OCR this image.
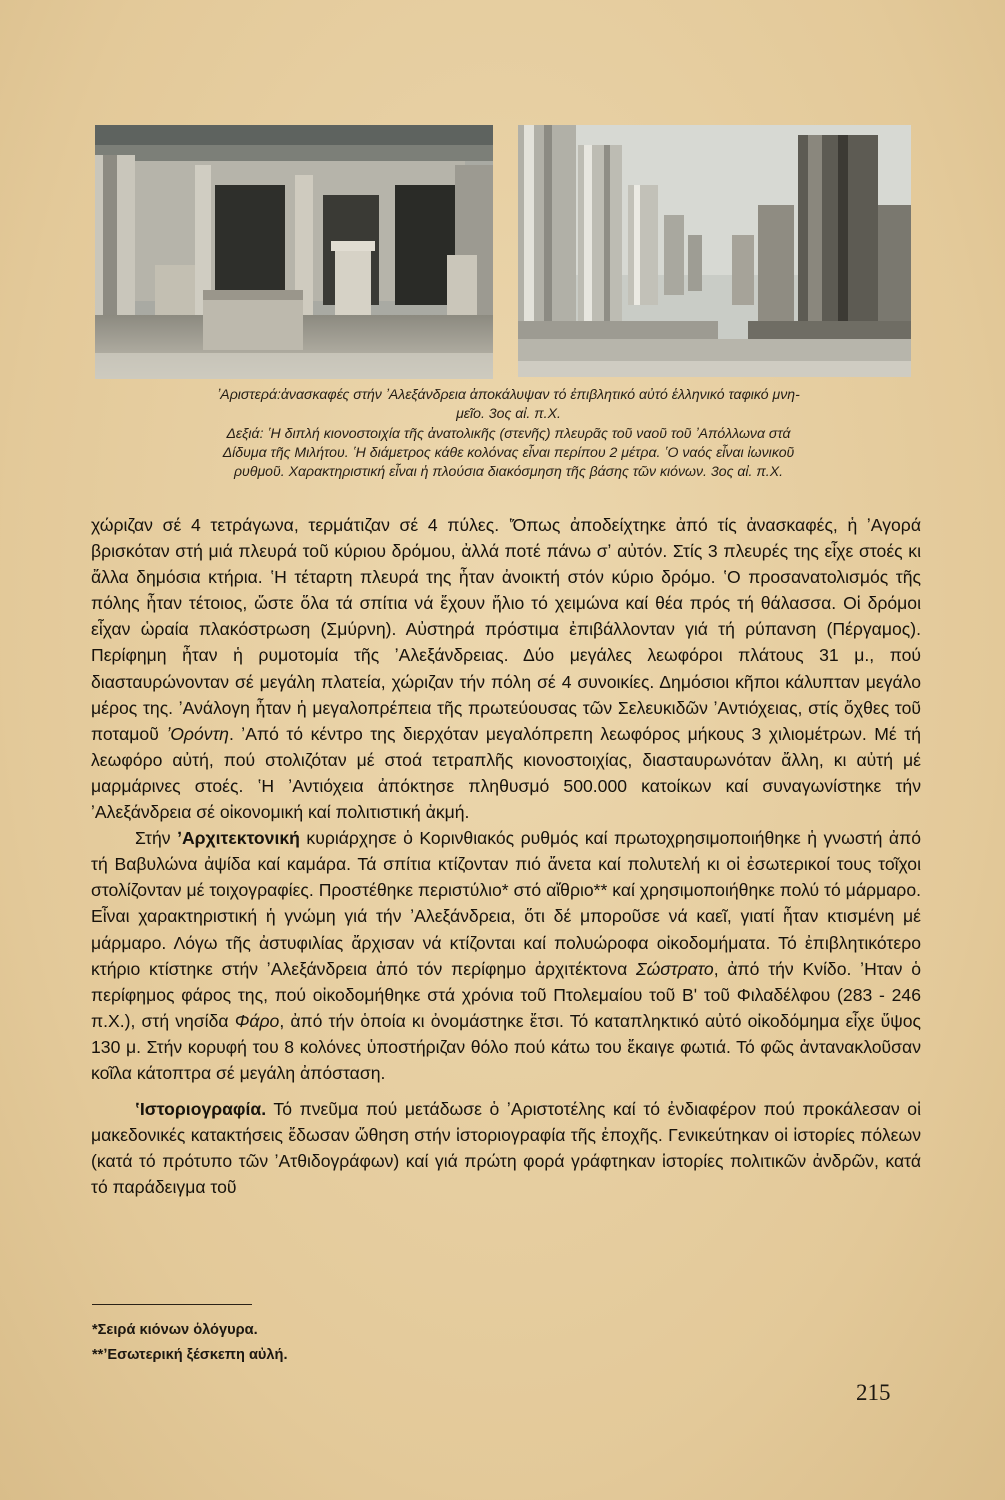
ʼΑριστερά:ἀνασκαφές στήν ʼΑλεξάνδρεια ἀποκάλυψαν τό ἐπιβλητικό αὐτό ἑλληνικό ταφικό μνη-

μεῖο. 3ος αἰ. π.Χ.

Δεξιά: ʽΗ διπλή κιονοστοιχία τῆς ἀνατολικῆς (στενῆς) πλευρᾶς τοῦ ναοῦ τοῦ ʼΑπόλλωνα στά

Δίδυμα τῆς Μιλήτου. ʽΗ διάμετρος κάθε κολόνας εἶναι περίπου 2 μέτρα. ʽΟ ναός εἶναι ἰωνικοῦ

ρυθμοῦ. Χαρακτηριστική εἶναι ἡ πλούσια διακόσμηση τῆς βάσης τῶν κιόνων. 3ος αἰ. π.Χ.

χώριζαν σέ 4 τετράγωνα, τερμάτιζαν σέ 4 πύλες. ʽΌπως ἀποδείχτηκε ἀπό τίς ἀνασκαφές, ἡ ʼΑγορά βρισκόταν στή μιά πλευρά τοῦ κύριου δρόμου, ἀλλά ποτέ πάνω σʼ αὐτόν. Στίς 3 πλευρές της εἶχε στοές κι ἄλλα δημόσια κτήρια. ʽΗ τέταρτη πλευρά της ἦταν ἀνοικτή στόν κύριο δρόμο. ʽΟ προσανατολισμός τῆς πόλης ἦταν τέτοιος, ὥστε ὅλα τά σπίτια νά ἔχουν ἥλιο τό χειμώνα καί θέα πρός τή θάλασσα. Οἱ δρόμοι εἶχαν ὡραία πλακόστρωση (Σμύρνη). Αὐστηρά πρόστιμα ἐπιβάλλονταν γιά τή ρύπανση (Πέργαμος). Περίφημη ἦταν ἡ ρυμοτομία τῆς ʼΑλεξάνδρειας. Δύο μεγάλες λεωφόροι πλάτους 31 μ., πού διασταυρώνονταν σέ μεγάλη πλατεία, χώριζαν τήν πόλη σέ 4 συνοικίες. Δημόσιοι κῆποι κάλυπταν μεγάλο μέρος της. ʼΑνάλογη ἦταν ἡ μεγαλοπρέπεια τῆς πρωτεύουσας τῶν Σελευκιδῶν ʼΑντιόχειας, στίς ὄχθες τοῦ ποταμοῦ ʼΟρόντη. ʼΑπό τό κέντρο της διερχόταν μεγαλόπρεπη λεωφόρος μήκους 3 χιλιομέτρων. Μέ τή λεωφόρο αὐτή, πού στολιζόταν μέ στοά τετραπλῆς κιονοστοιχίας, διασταυρωνόταν ἄλλη, κι αὐτή μέ μαρμάρινες στοές. ʽΗ ʼΑντιόχεια ἀπόκτησε πληθυσμό 500.000 κατοίκων καί συναγωνίστηκε τήν ʼΑλεξάνδρεια σέ οἰκονομική καί πολιτιστική ἀκμή.

Στήν ʼΑρχιτεκτονική κυριάρχησε ὁ Κορινθιακός ρυθμός καί πρωτοχρησιμοποιήθηκε ἡ γνωστή ἀπό τή Βαβυλώνα ἀψίδα καί καμάρα. Τά σπίτια κτίζονταν πιό ἄνετα καί πολυτελή κι οἱ ἐσωτερικοί τους τοῖχοι στολίζονταν μέ τοιχογραφίες. Προστέθηκε περιστύλιο* στό αἴθριο** καί χρησιμοποιήθηκε πολύ τό μάρμαρο. Εἶναι χαρακτηριστική ἡ γνώμη γιά τήν ʼΑλεξάνδρεια, ὅτι δέ μποροῦσε νά καεῖ, γιατί ἦταν κτισμένη μέ μάρμαρο. Λόγω τῆς ἀστυφιλίας ἄρχισαν νά κτίζονται καί πολυώροφα οἰκοδομήματα. Τό ἐπιβλητικότερο κτήριο κτίστηκε στήν ʼΑλεξάνδρεια ἀπό τόν περίφημο ἀρχιτέκτονα Σώστρατο, ἀπό τήν Κνίδο. ʼΗταν ὁ περίφημος φάρος της, πού οἰκοδομήθηκε στά χρόνια τοῦ Πτολεμαίου τοῦ Βʹ τοῦ Φιλαδέλφου (283 - 246 π.Χ.), στή νησίδα Φάρο, ἀπό τήν ὁποία κι ὀνομάστηκε ἔτσι. Τό καταπληκτικό αὐτό οἰκοδόμημα εἶχε ὕψος 130 μ. Στήν κορυφή του 8 κολόνες ὑποστήριζαν θόλο πού κάτω του ἔκαιγε φωτιά. Τό φῶς ἀντανακλοῦσαν κοῖλα κάτοπτρα σέ μεγάλη ἀπόσταση.

ʽΙστοριογραφία. Τό πνεῦμα πού μετάδωσε ὁ ʼΑριστοτέλης καί τό ἐνδιαφέρον πού προκάλεσαν οἱ μακεδονικές κατακτήσεις ἔδωσαν ὤθηση στήν ἱστοριογραφία τῆς ἐποχῆς. Γενικεύτηκαν οἱ ἱστορίες πόλεων (κατά τό πρότυπο τῶν ʼΑτθιδογράφων) καί γιά πρώτη φορά γράφτηκαν ἱστορίες πολιτικῶν ἀνδρῶν, κατά τό παράδειγμα τοῦ

*Σειρά κιόνων ὁλόγυρα.
**ʼΕσωτερική ξέσκεπη αὐλή.
215
